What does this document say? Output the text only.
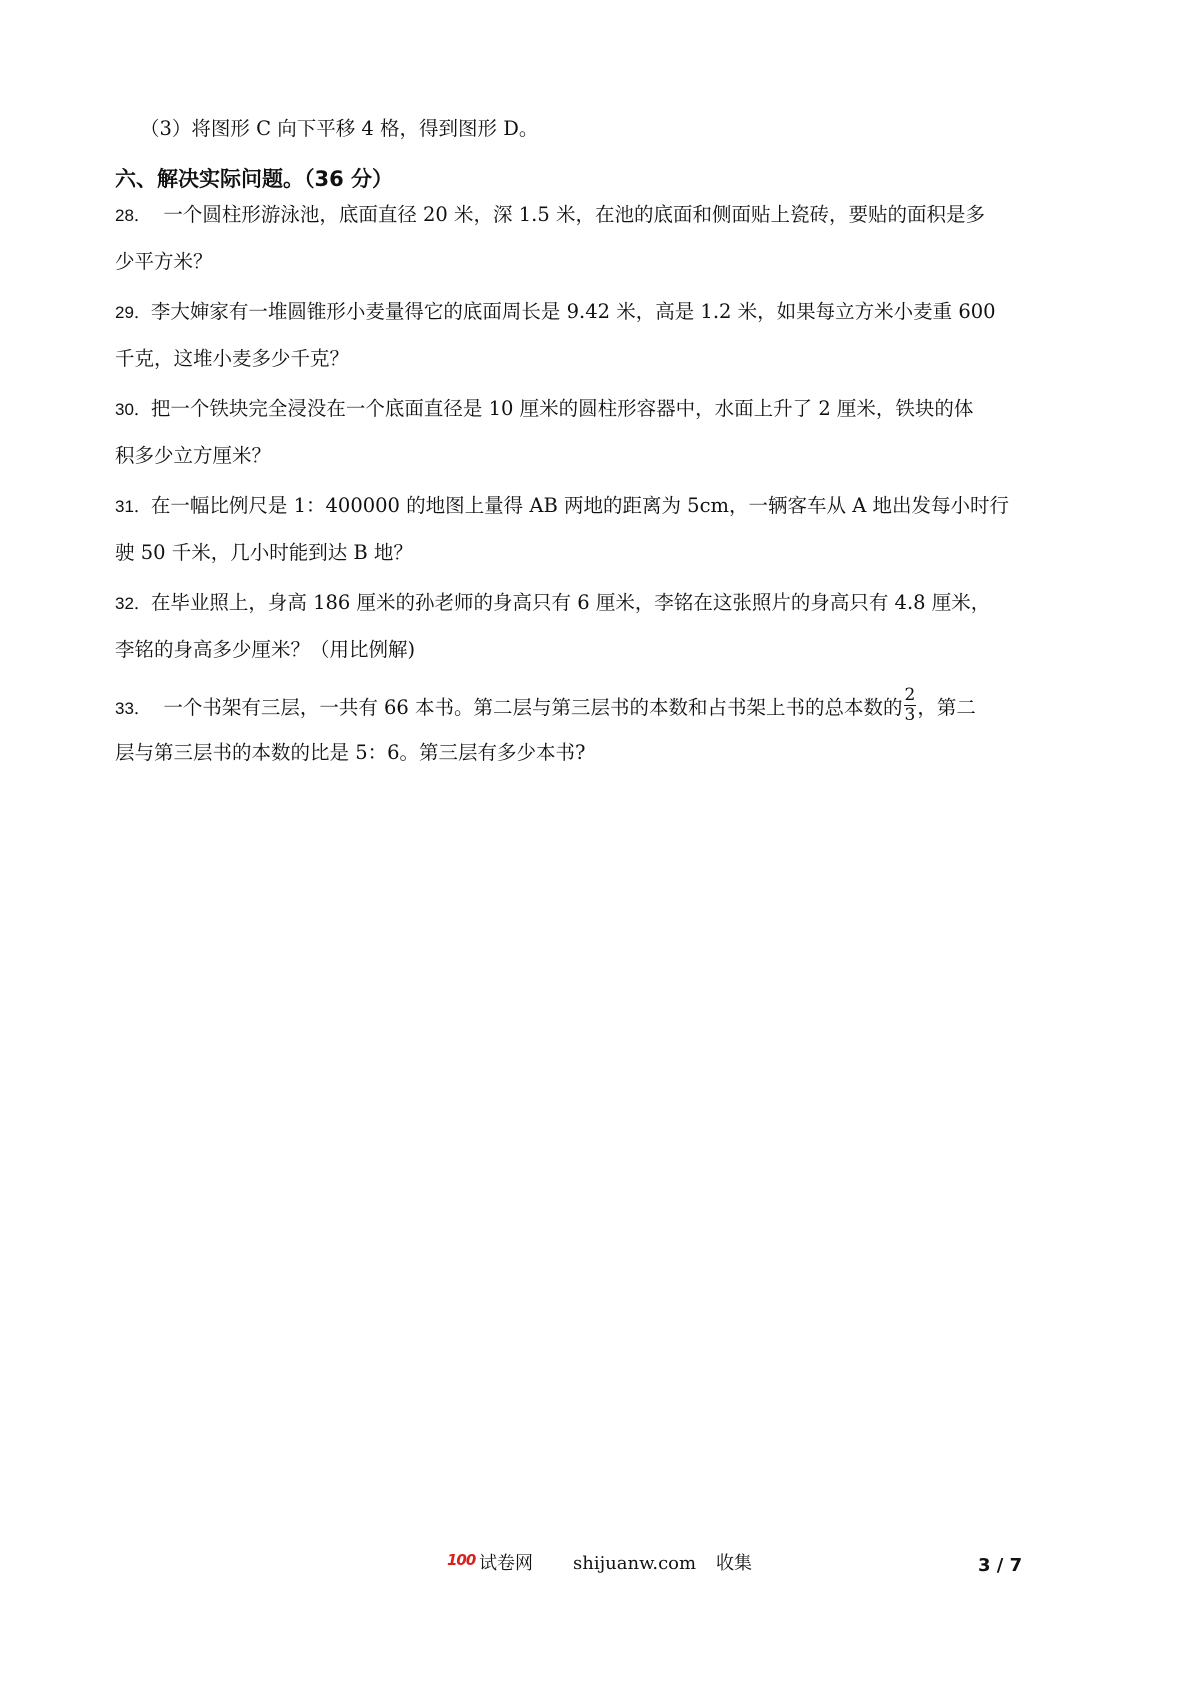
（3）将图形 C 向下平移 4 格，得到图形 D。
六、解决实际问题。（36 分）
28． 一个圆柱形游泳池，底面直径 20 米，深 1.5 米，在池的底面和侧面贴上瓷砖，要贴的面积是多
少平方米？
29．李大婶家有一堆圆锥形小麦量得它的底面周长是 9.42 米，高是 1.2 米，如果每立方米小麦重 600
千克，这堆小麦多少千克？
30．把一个铁块完全浸没在一个底面直径是 10 厘米的圆柱形容器中，水面上升了 2 厘米，铁块的体
积多少立方厘米？
31．在一幅比例尺是 1：400000 的地图上量得 AB 两地的距离为 5cm，一辆客车从 A 地出发每小时行
驶 50 千米，几小时能到达 B 地？
32．在毕业照上，身高 186 厘米的孙老师的身高只有 6 厘米，李铭在这张照片的身高只有 4.8 厘米，
李铭的身高多少厘米？（用比例解)
33． 一个书架有三层，一共有 66 本书。第二层与第三层书的本数和占书架上书的总本数的 $\frac{2}{3}$ ，第二
层与第三层书的本数的比是 5：6。第三层有多少本书?
100 试卷网 shijuanw.com 收集	3 / 7
